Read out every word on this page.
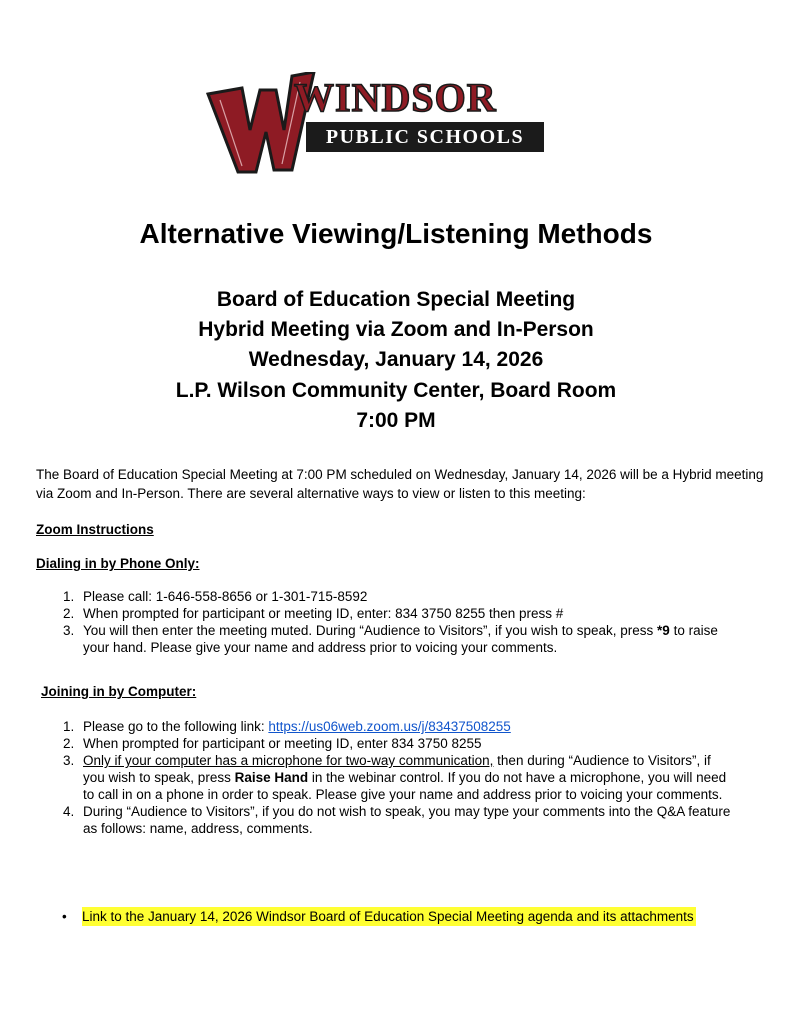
WINDSOR
PUBLIC SCHOOLS
Alternative Viewing/Listening Methods
Board of Education Special Meeting
Hybrid Meeting via Zoom and In-Person
Wednesday, January 14, 2026
L.P. Wilson Community Center, Board Room
7:00 PM
The Board of Education Special Meeting at 7:00 PM scheduled on Wednesday, January 14, 2026 will be a Hybrid meeting via Zoom and In-Person. There are several alternative ways to view or listen to this meeting:
Zoom Instructions
Dialing in by Phone Only:
1. Please call: 1-646-558-8656 or 1-301-715-8592
2. When prompted for participant or meeting ID, enter: 834 3750 8255 then press #
3. You will then enter the meeting muted. During “Audience to Visitors”, if you wish to speak, press *9 to raise your hand. Please give your name and address prior to voicing your comments.
Joining in by Computer:
1. Please go to the following link: https://us06web.zoom.us/j/83437508255
2. When prompted for participant or meeting ID, enter 834 3750 8255
3. Only if your computer has a microphone for two-way communication, then during “Audience to Visitors”, if you wish to speak, press Raise Hand in the webinar control. If you do not have a microphone, you will need to call in on a phone in order to speak. Please give your name and address prior to voicing your comments.
4. During “Audience to Visitors”, if you do not wish to speak, you may type your comments into the Q&A feature as follows: name, address, comments.
• Link to the January 14, 2026 Windsor Board of Education Special Meeting agenda and its attachments
